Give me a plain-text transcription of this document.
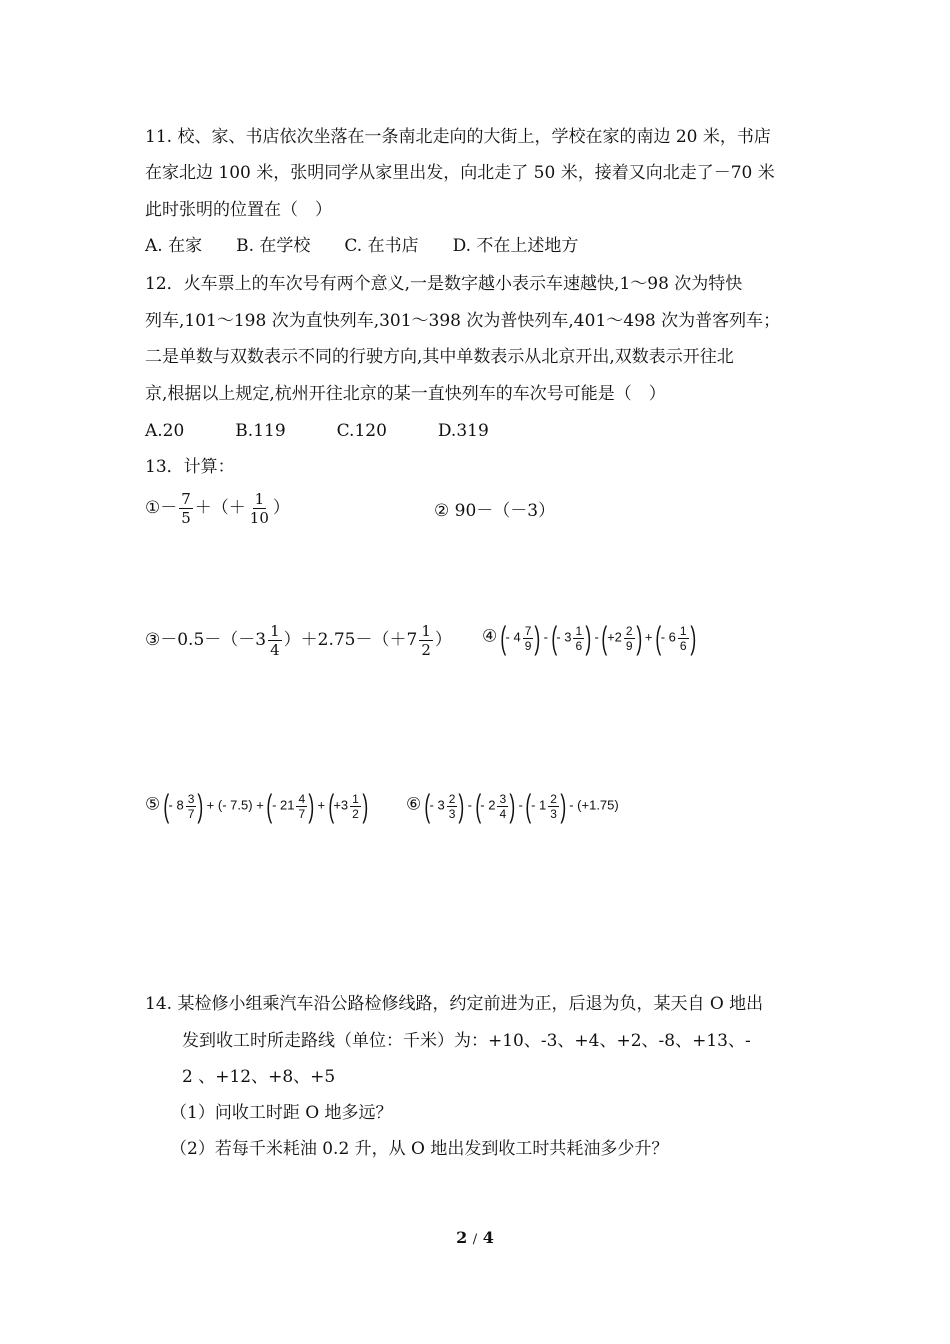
11. 校、家、书店依次坐落在一条南北走向的大街上，学校在家的南边 20 米，书店
在家北边 100 米，张明同学从家里出发，向北走了 50 米，接着又向北走了－70 米
此时张明的位置在（　）
A. 在家　　B. 在学校　　C. 在书店　　D. 不在上述地方
12．火车票上的车次号有两个意义,一是数字越小表示车速越快,1～98 次为特快
列车,101～198 次为直快列车,301～398 次为普快列车,401～498 次为普客列车；
二是单数与双数表示不同的行驶方向,其中单数表示从北京开出,双数表示开往北
京,根据以上规定,杭州开往北京的某一直快列车的车次号可能是（　）
A.20　　　B.119　　　C.120　　　D.319
13．计算：
①－ $\frac{7}{5}$ ＋（＋ $\frac{1}{10}$ ）	② 90－（－3）
③－0.5－（－3 $\frac{1}{4} )+2.75-(+7 \frac{1}{2}$ ） ④ (- $4 \frac{7}{9}$ ) - (- $3 \frac{1}{6}$ ) - ($+2 \frac{2}{9}$ ) + (- $6 \frac{1}{6}$ )
⑤ (- $8 \frac{3}{7}$ ) + (- 7.5) + (- $21 \frac{4}{7}$ ) + ($+3 \frac{1}{2}$ ) ⑥ (- $3 \frac{2}{3}$ ) - (- $2 \frac{3}{4}$ ) - (- $1 \frac{2}{3}$ ) - (+1.75)
14. 某检修小组乘汽车沿公路检修线路，约定前进为正，后退为负，某天自 O 地出
发到收工时所走路线（单位：千米）为：+10、-3、+4、+2、-8、+13、-
2 、+12、+8、+5
（1）问收工时距 O 地多远？
（2）若每千米耗油 0.2 升，从 O 地出发到收工时共耗油多少升？
2 / 4
